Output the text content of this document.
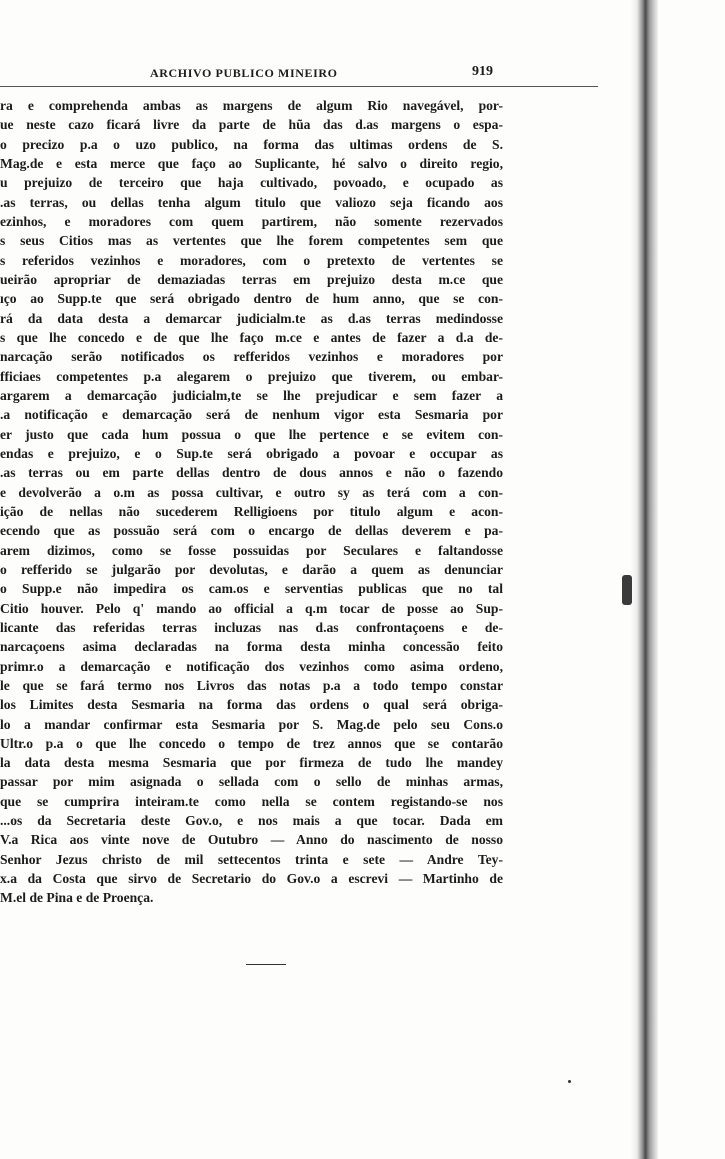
ARCHIVO PUBLICO MINEIRO	919
ra e comprehenda ambas as margens de algum Rio navegável, por-
ue neste cazo ficará livre da parte de hũa das d.as margens o espa-
o precizo p.a o uzo publico, na forma das ultimas ordens de S.
Mag.de e esta merce que faço ao Suplicante, hé salvo o direito regio,
u prejuizo de terceiro que haja cultivado, povoado, e ocupado as
.as terras, ou dellas tenha algum titulo que valiozo seja ficando aos
ezinhos, e moradores com quem partirem, não somente rezervados
s seus Citios mas as vertentes que lhe forem competentes sem que
s referidos vezinhos e moradores, com o pretexto de vertentes se
ueirão apropriar de demaziadas terras em prejuizo desta m.ce que
ıço ao Supp.te que será obrigado dentro de hum anno, que se con-
rá da data desta a demarcar judicialm.te as d.as terras medindosse
s que lhe concedo e de que lhe faço m.ce e antes de fazer a d.a de-
narcação serão notificados os refferidos vezinhos e moradores por
fficiaes competentes p.a alegarem o prejuizo que tiverem, ou embar-
argarem a demarcação judicialm,te se lhe prejudicar e sem fazer a
.a notificação e demarcação será de nenhum vigor esta Sesmaria por
er justo que cada hum possua o que lhe pertence e se evitem con-
endas e prejuizo, e o Sup.te será obrigado a povoar e occupar as
.as terras ou em parte dellas dentro de dous annos e não o fazendo
e devolverão a o.m as possa cultivar, e outro sy as terá com a con-
ição de nellas não sucederem Relligioens por titulo algum e acon-
ecendo que as possuão será com o encargo de dellas deverem e pa-
arem dizimos, como se fosse possuidas por Seculares e faltandosse
o refferido se julgarão por devolutas, e darão a quem as denunciar
o Supp.e não impedira os cam.os e serventias publicas que no tal
Citio houver. Pelo q' mando ao official a q.m tocar de posse ao Sup-
licante das referidas terras incluzas nas d.as confrontaçoens e de-
narcaçoens asima declaradas na forma desta minha concessão feito
primr.o a demarcação e notificação dos vezinhos como asima ordeno,
le que se fará termo nos Livros das notas p.a a todo tempo constar
los Limites desta Sesmaria na forma das ordens o qual será obriga-
lo a mandar confirmar esta Sesmaria por S. Mag.de pelo seu Cons.o
Ultr.o p.a o que lhe concedo o tempo de trez annos que se contarão
la data desta mesma Sesmaria que por firmeza de tudo lhe mandey
passar por mim asignada o sellada com o sello de minhas armas,
que se cumprira inteiram.te como nella se contem registando-se nos
...os da Secretaria deste Gov.o, e nos mais a que tocar. Dada em
V.a Rica aos vinte nove de Outubro — Anno do nascimento de nosso
Senhor Jezus christo de mil settecentos trinta e sete — Andre Tey-
x.a da Costa que sirvo de Secretario do Gov.o a escrevi — Martinho de
M.el de Pina e de Proença.
